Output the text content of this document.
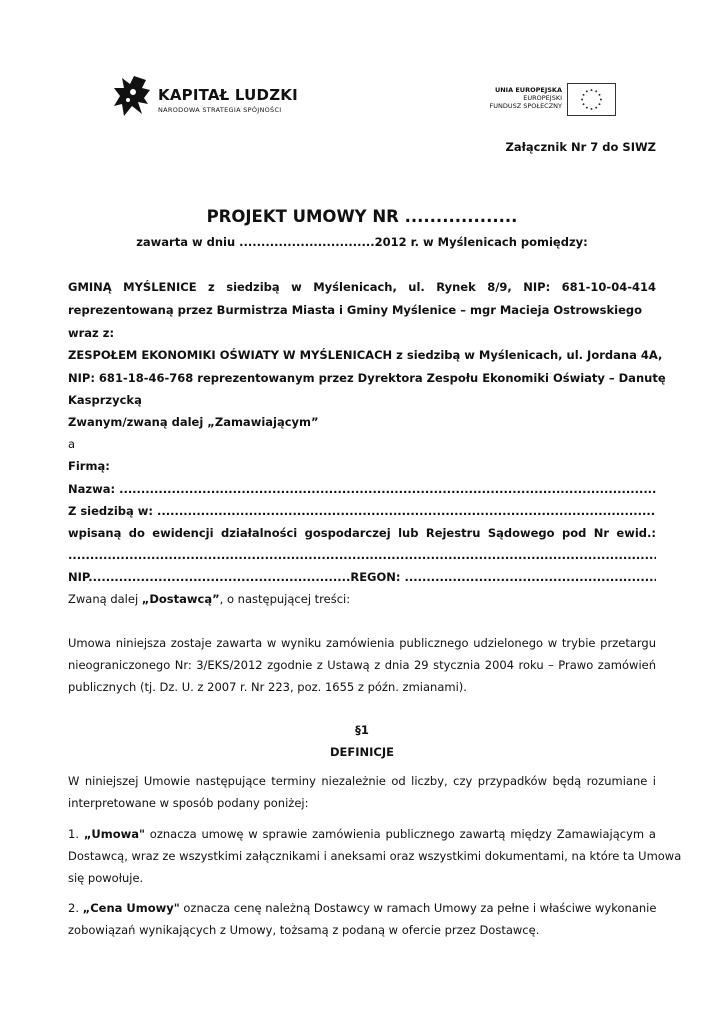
KAPITAŁ LUDZKI
NARODOWA STRATEGIA SPÓJNOŚCI
UNIA EUROPEJSKA
EUROPEJSKI
FUNDUSZ SPOŁECZNY
Załącznik Nr 7 do SIWZ
PROJEKT UMOWY NR ..................
zawarta w dniu ...............................2012 r. w Myślenicach pomiędzy:
GMINĄ MYŚLENICE z siedzibą w Myślenicach, ul. Rynek 8/9, NIP: 681-10-04-414
reprezentowaną przez Burmistrza Miasta i Gminy Myślenice – mgr Macieja Ostrowskiego
wraz z:
ZESPOŁEM EKONOMIKI OŚWIATY W MYŚLENICACH z siedzibą w Myślenicach, ul. Jordana 4A,
NIP: 681-18-46-768 reprezentowanym przez Dyrektora Zespołu Ekonomiki Oświaty – Danutę
Kasprzycką
Zwanym/zwaną dalej „Zamawiającym”
a
Firmą:
Nazwa:
.....
Z siedzibą w:
.....
wpisaną do ewidencji działalności gospodarczej lub Rejestru Sądowego pod Nr ewid.:
.....
NIP............................................................REGON:
.....
Zwaną dalej „Dostawcą”, o następującej treści:
Umowa niniejsza zostaje zawarta w wyniku zamówienia publicznego udzielonego w trybie przetargu
nieograniczonego Nr: 3/EKS/2012 zgodnie z Ustawą z dnia 29 stycznia 2004 roku – Prawo zamówień
publicznych (tj. Dz. U. z 2007 r. Nr 223, poz. 1655 z późn. zmianami).
§1
DEFINICJE
W niniejszej Umowie następujące terminy niezależnie od liczby, czy przypadków będą rozumiane i
interpretowane w sposób podany poniżej:
1. „Umowa" oznacza umowę w sprawie zamówienia publicznego zawartą między Zamawiającym a
Dostawcą, wraz ze wszystkimi załącznikami i aneksami oraz wszystkimi dokumentami, na które ta Umowa
się powołuje.
2. „Cena Umowy" oznacza cenę należną Dostawcy w ramach Umowy za pełne i właściwe wykonanie
zobowiązań wynikających z Umowy, tożsamą z podaną w ofercie przez Dostawcę.
